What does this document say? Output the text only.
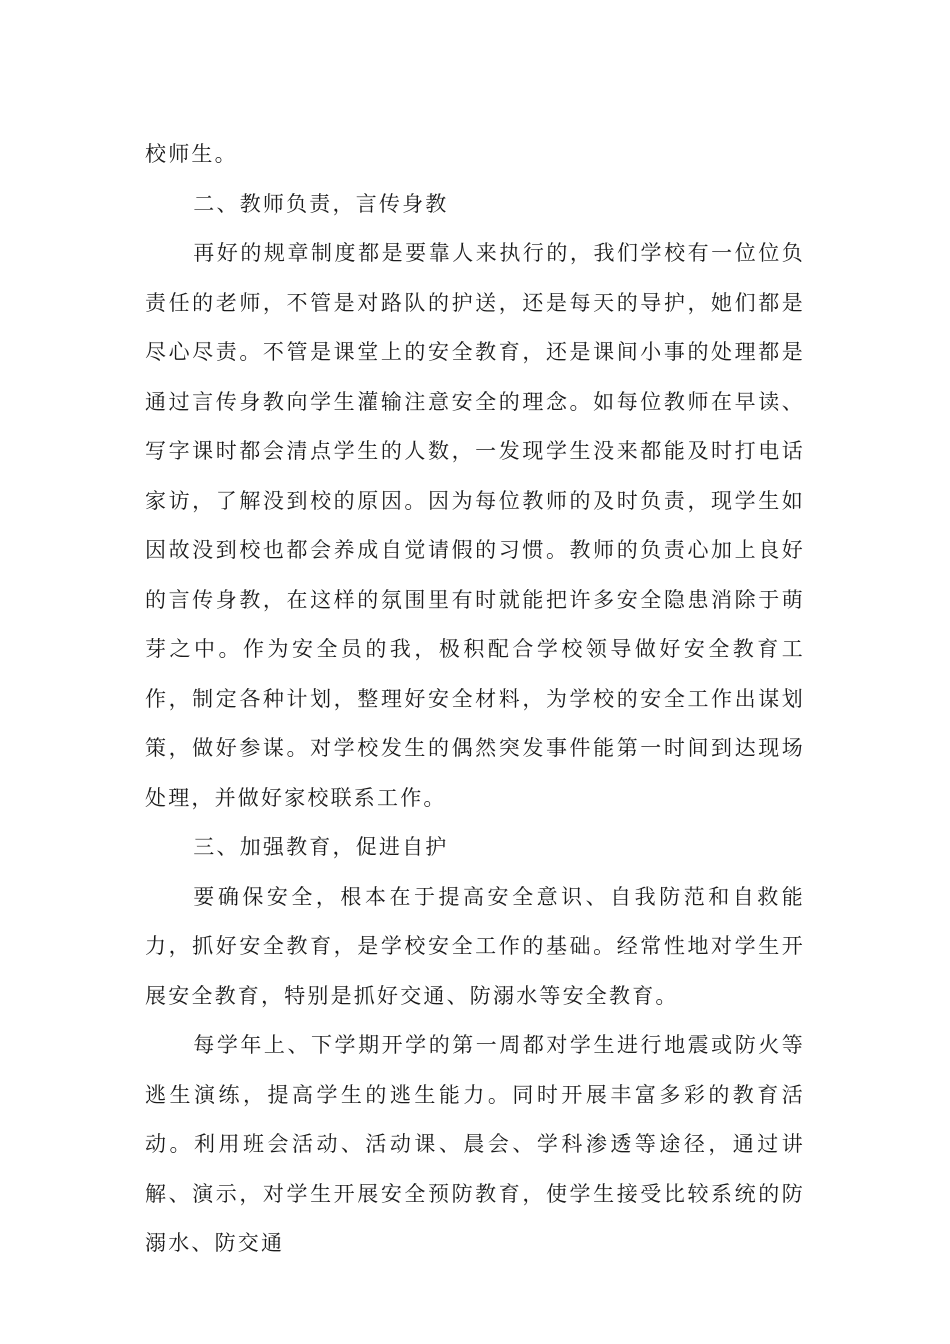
校师生。

二、教师负责，言传身教

再好的规章制度都是要靠人来执行的，我们学校有一位位负责任的老师，不管是对路队的护送，还是每天的导护，她们都是尽心尽责。不管是课堂上的安全教育，还是课间小事的处理都是通过言传身教向学生灌输注意安全的理念。如每位教师在早读、写字课时都会清点学生的人数，一发现学生没来都能及时打电话家访，了解没到校的原因。因为每位教师的及时负责，现学生如因故没到校也都会养成自觉请假的习惯。教师的负责心加上良好的言传身教，在这样的氛围里有时就能把许多安全隐患消除于萌芽之中。作为安全员的我，极积配合学校领导做好安全教育工作，制定各种计划，整理好安全材料，为学校的安全工作出谋划策，做好参谋。对学校发生的偶然突发事件能第一时间到达现场处理，并做好家校联系工作。

三、加强教育，促进自护

要确保安全，根本在于提高安全意识、自我防范和自救能力，抓好安全教育，是学校安全工作的基础。经常性地对学生开展安全教育，特别是抓好交通、防溺水等安全教育。

每学年上、下学期开学的第一周都对学生进行地震或防火等逃生演练，提高学生的逃生能力。同时开展丰富多彩的教育活动。利用班会活动、活动课、晨会、学科渗透等途径，通过讲解、演示，对学生开展安全预防教育，使学生接受比较系统的防溺水、防交通
